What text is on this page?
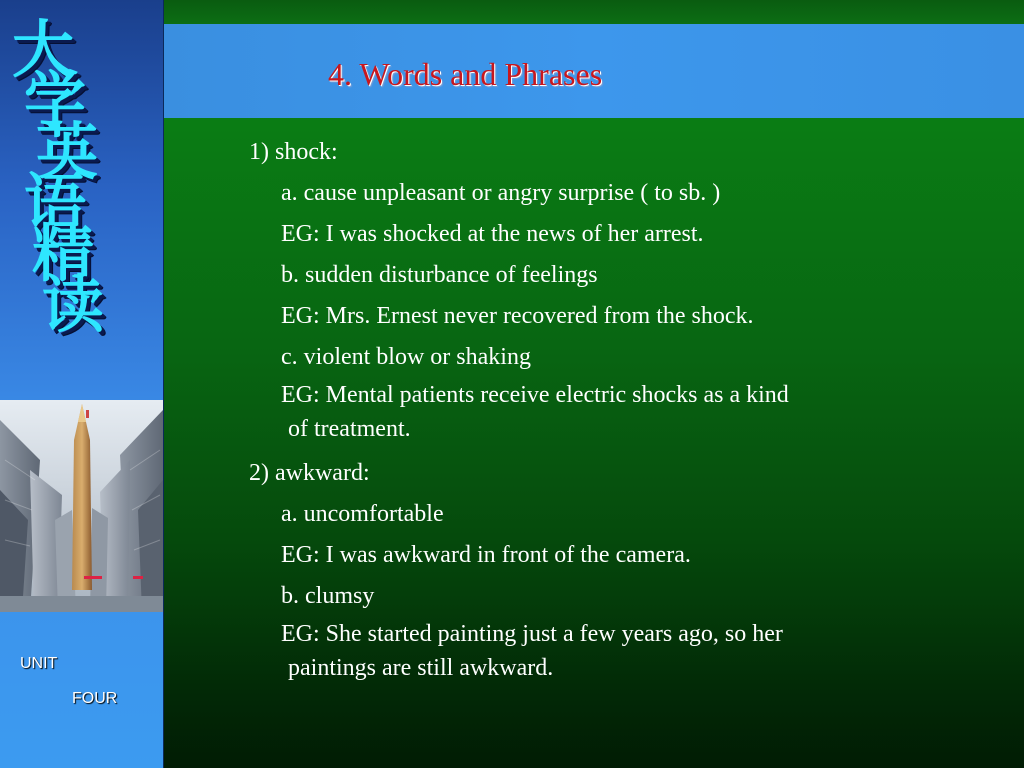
大
学
英
语
精
读
UNIT
FOUR
4. Words and Phrases
1) shock:
a. cause unpleasant or angry surprise ( to sb. )
EG: I was shocked at the news of her arrest.
b. sudden disturbance of feelings
EG: Mrs. Ernest never recovered from the shock.
c. violent blow or shaking
EG: Mental patients receive electric shocks as a kind
of treatment.
2) awkward:
a. uncomfortable
EG: I was awkward in front of the camera.
b. clumsy
EG: She started painting just a few years ago, so her
paintings are still awkward.
